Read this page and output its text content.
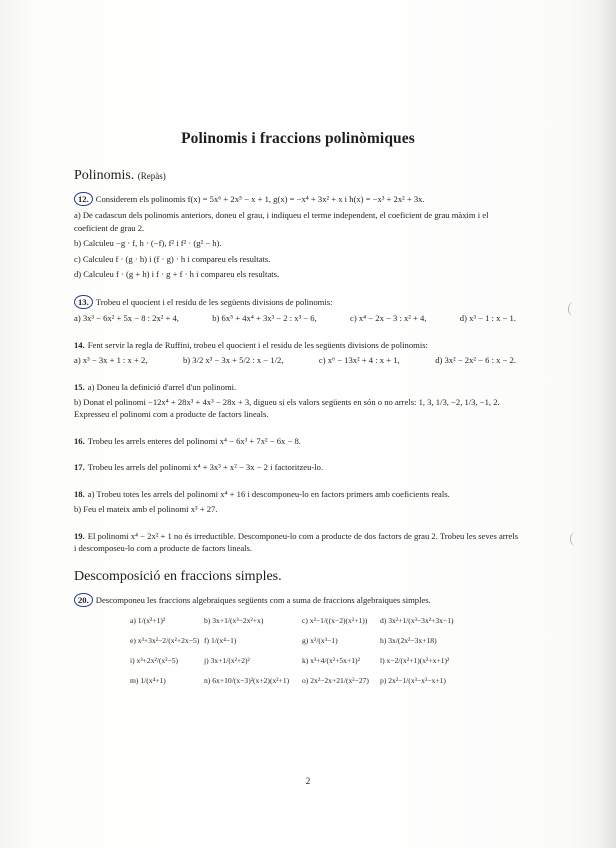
Polinomis i fraccions polinòmiques
Polinomis. (Repàs)
12. Considerem els polinomis f(x) = 5x⁶ + 2x⁵ − x + 1, g(x) = −x⁴ + 3x² + x i h(x) = −x³ + 2x² + 3x.
a) De cadascun dels polinomis anteriors, doneu el grau, i indiqueu el terme independent, el coeficient de grau màxim i el coeficient de grau 2.
b) Calculeu −g · f, h · (−f), f² i f² · (g² − h).
c) Calculeu f · (g · h) i (f · g) · h i compareu els resultats.
d) Calculeu f · (g + h) i f · g + f · h i compareu els resultats.
13. Trobeu el quocient i el residu de les següents divisions de polinomis:
a) 3x³ − 6x² + 5x − 8 : 2x² + 4,	b) 6x⁵ + 4x⁴ + 3x³ − 2 : x³ − 6,	c) x⁴ − 2x − 3 : x² + 4,	d) x³ − 1 : x − 1.
14. Fent servir la regla de Ruffini, trobeu el quocient i el residu de les següents divisions de polinomis:
a) x³ − 3x + 1 : x + 2,	b) 3/2 x³ − 3x + 5/2 : x − 1/2,	c) x⁶ − 13x² + 4 : x + 1,	d) 3x² − 2x² − 6 : x − 2.
15. a) Doneu la definició d'arrel d'un polinomi.
b) Donat el polinomi −12x⁴ + 28x³ + 4x³ − 28x + 3, digueu si els valors següents en són o no arrels: 1, 3, 1/3, −2, 1/3, −1, 2. Expresseu el polinomi com a producte de factors lineals.
16. Trobeu les arrels enteres del polinomi x⁴ − 6x³ + 7x² − 6x − 8.
17. Trobeu les arrels del polinomi x⁴ + 3x³ + x² − 3x − 2 i factoritzeu-lo.
18. a) Trobeu totes les arrels del polinomi x⁴ + 16 i descomponeu-lo en factors primers amb coeficients reals.
b) Feu el mateix amb el polinomi x³ + 27.
19. El polinomi x⁴ − 2x² + 1 no és irreductible. Descomponeu-lo com a producte de dos factors de grau 2. Trobeu les seves arrels i descomposeu-lo com a producte de factors lineals.
Descomposició en fraccions simples.
20. Descomponeu les fraccions algebraiques següents com a suma de fraccions algebraiques simples.
a) 1/(x²+1)²	b) 3x+1/(x³−2x²+x)	c) x²−1/((x−2)(x²+1))	d) 3x²+1/(x³−3x²+3x−1)
e) x³+3x²−2/(x²+2x−5) f) 1/(x⁴−1)	g) x²/(x³−1)	h) 3x/(2x²−3x+18)
i) x³+2x²/(x²−5)	j) 3x+1/(x²+2)²	k) x³+4/(x²+5x+1)²	l) x−2/(x²+1)(x²+x+1)²
m) 1/(x⁴+1)	n) 6x+10/(x−3)²(x+2)(x²+1)	o) 2x²−2x+21/(x²−27)	p) 2x²−1/(x³−x²−x+1)
2
